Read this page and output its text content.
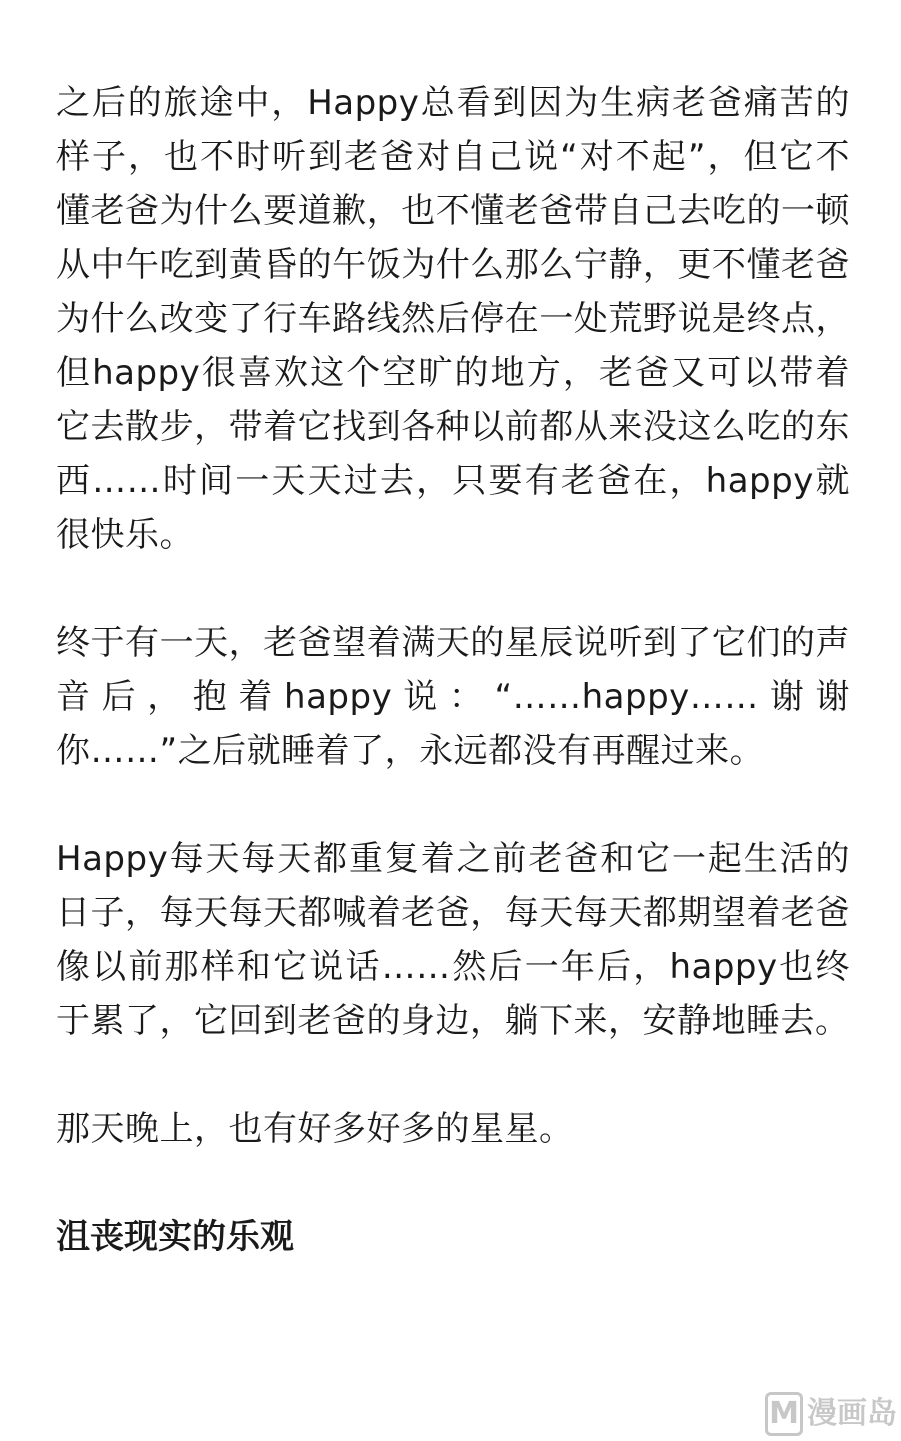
之后的旅途中，Happy总看到因为生病老爸痛苦的样子，也不时听到老爸对自己说“对不起”，但它不懂老爸为什么要道歉，也不懂老爸带自己去吃的一顿从中午吃到黄昏的午饭为什么那么宁静，更不懂老爸为什么改变了行车路线然后停在一处荒野说是终点，但happy很喜欢这个空旷的地方，老爸又可以带着它去散步，带着它找到各种以前都从来没这么吃的东西……时间一天天过去，只要有老爸在，happy就很快乐。

终于有一天，老爸望着满天的星辰说听到了它们的声音后，抱着happy说：“……happy……谢谢你……”之后就睡着了，永远都没有再醒过来。

Happy每天每天都重复着之前老爸和它一起生活的日子，每天每天都喊着老爸，每天每天都期望着老爸像以前那样和它说话……然后一年后，happy也终于累了，它回到老爸的身边，躺下来，安静地睡去。

那天晚上，也有好多好多的星星。

沮丧现实的乐观
M 漫画岛
